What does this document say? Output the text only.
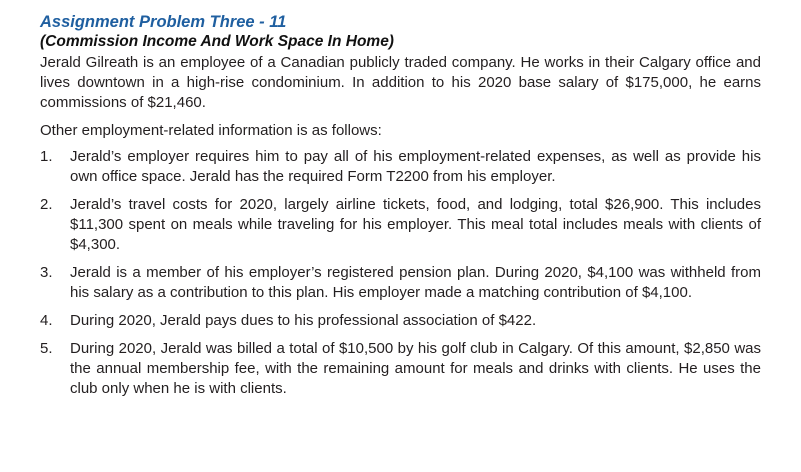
Assignment Problem Three - 11
(Commission Income And Work Space In Home)

Jerald Gilreath is an employee of a Canadian publicly traded company. He works in their Calgary office and lives downtown in a high-rise condominium. In addition to his 2020 base salary of $175,000, he earns commissions of $21,460.

Other employment-related information is as follows:

1.	Jerald’s employer requires him to pay all of his employment-related expenses, as well as provide his own office space. Jerald has the required Form T2200 from his employer.
2.	Jerald’s travel costs for 2020, largely airline tickets, food, and lodging, total $26,900. This includes $11,300 spent on meals while traveling for his employer. This meal total includes meals with clients of $4,300.
3.	Jerald is a member of his employer’s registered pension plan. During 2020, $4,100 was withheld from his salary as a contribution to this plan. His employer made a matching contribution of $4,100.
4.	During 2020, Jerald pays dues to his professional association of $422.
5.	During 2020, Jerald was billed a total of $10,500 by his golf club in Calgary. Of this amount, $2,850 was the annual membership fee, with the remaining amount for meals and drinks with clients. He uses the club only when he is with clients.
